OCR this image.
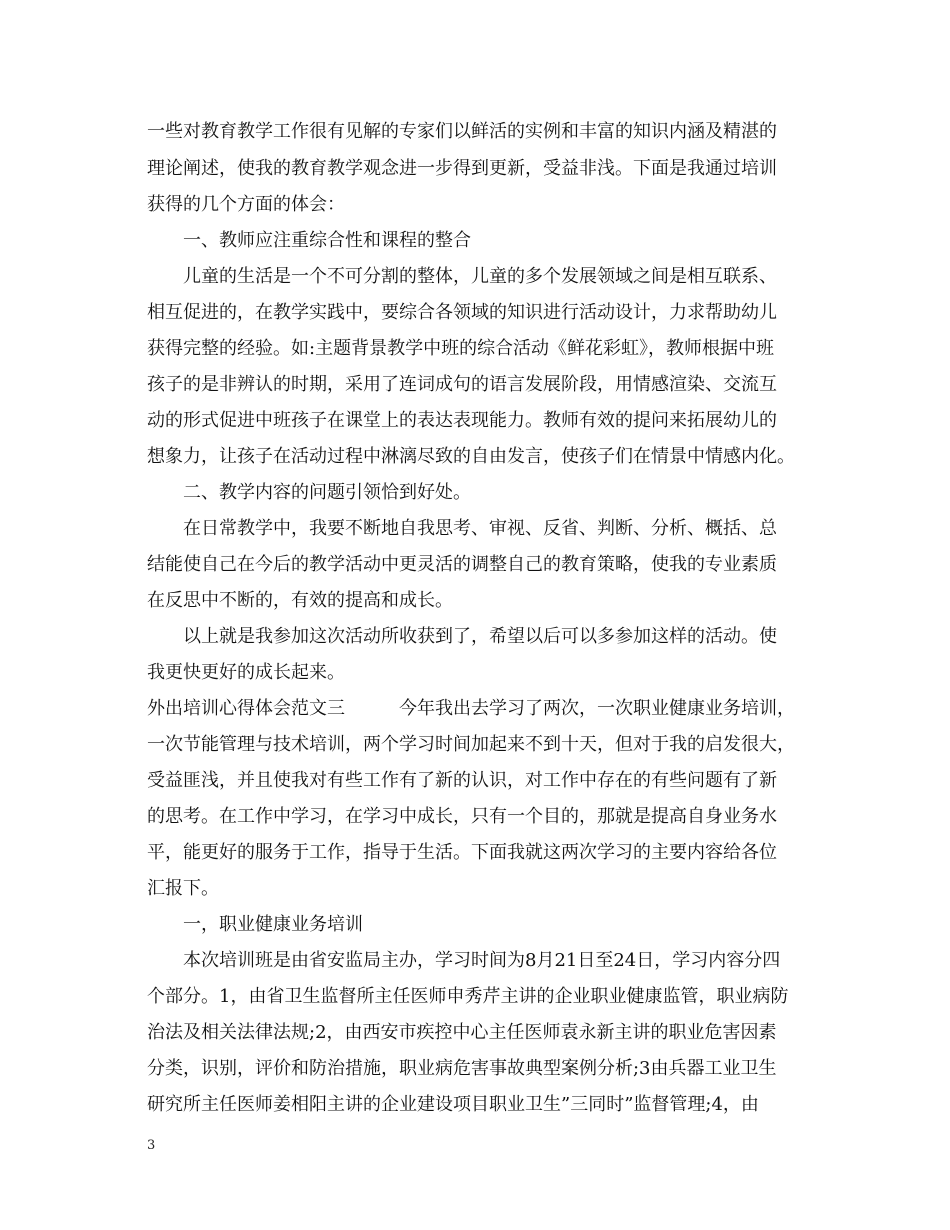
一些对教育教学工作很有见解的专家们以鲜活的实例和丰富的知识内涵及精湛的
理论阐述，使我的教育教学观念进一步得到更新，受益非浅。下面是我通过培训
获得的几个方面的体会：
一、教师应注重综合性和课程的整合
儿童的生活是一个不可分割的整体，儿童的多个发展领域之间是相互联系、
相互促进的，在教学实践中，要综合各领域的知识进行活动设计，力求帮助幼儿
获得完整的经验。如:主题背景教学中班的综合活动《鲜花彩虹》，教师根据中班
孩子的是非辨认的时期，采用了连词成句的语言发展阶段，用情感渲染、交流互
动的形式促进中班孩子在课堂上的表达表现能力。教师有效的提问来拓展幼儿的
想象力，让孩子在活动过程中淋漓尽致的自由发言，使孩子们在情景中情感内化。
二、教学内容的问题引领恰到好处。
在日常教学中，我要不断地自我思考、审视、反省、判断、分析、概括、总
结能使自己在今后的教学活动中更灵活的调整自己的教育策略，使我的专业素质
在反思中不断的，有效的提高和成长。
以上就是我参加这次活动所收获到了，希望以后可以多参加这样的活动。使
我更快更好的成长起来。
外出培训心得体会范文三　　　今年我出去学习了两次，一次职业健康业务培训，
一次节能管理与技术培训，两个学习时间加起来不到十天，但对于我的启发很大，
受益匪浅，并且使我对有些工作有了新的认识，对工作中存在的有些问题有了新
的思考。在工作中学习，在学习中成长，只有一个目的，那就是提高自身业务水
平，能更好的服务于工作，指导于生活。下面我就这两次学习的主要内容给各位
汇报下。
一，职业健康业务培训
本次培训班是由省安监局主办，学习时间为8月21日至24日，学习内容分四
个部分。1，由省卫生监督所主任医师申秀芹主讲的企业职业健康监管，职业病防
治法及相关法律法规;2，由西安市疾控中心主任医师袁永新主讲的职业危害因素
分类，识别，评价和防治措施，职业病危害事故典型案例分析;3由兵器工业卫生
研究所主任医师姜相阳主讲的企业建设项目职业卫生”三同时”监督管理;4，由
3
